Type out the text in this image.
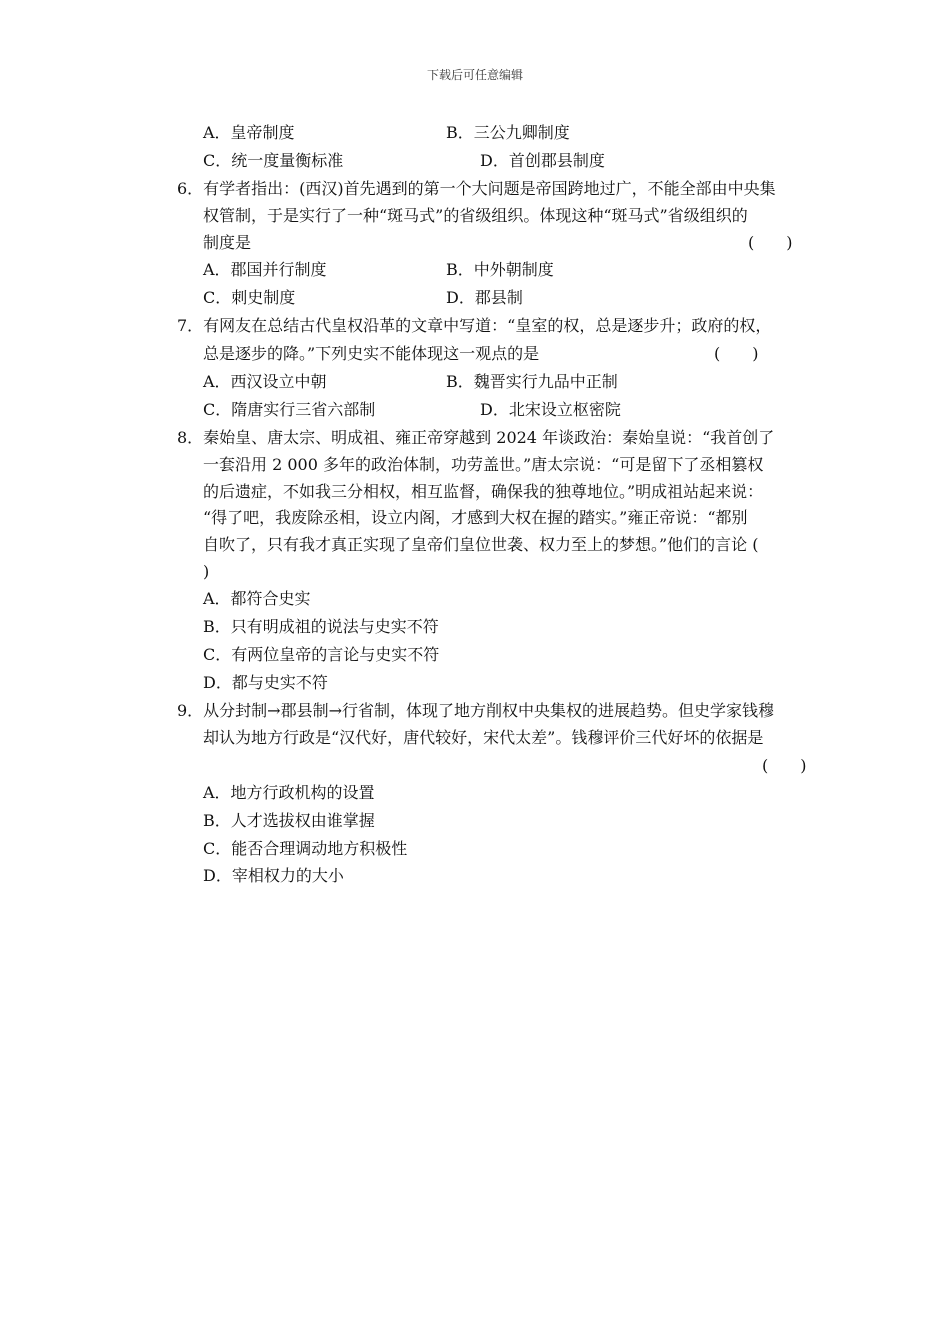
下载后可任意编辑
A．皇帝制度	B．三公九卿制度
C．统一度量衡标准	D．首创郡县制度
6．有学者指出：(西汉)首先遇到的第一个大问题是帝国跨地过广，不能全部由中央集
权管制，于是实行了一种“斑马式”的省级组织。体现这种“斑马式”省级组织的
制度是	(　　)
A．郡国并行制度	B．中外朝制度
C．刺史制度	D．郡县制
7．有网友在总结古代皇权沿革的文章中写道：“皇室的权，总是逐步升；政府的权，
总是逐步的降。”下列史实不能体现这一观点的是	(　　)
A．西汉设立中朝	B．魏晋实行九品中正制
C．隋唐实行三省六部制	D．北宋设立枢密院
8．秦始皇、唐太宗、明成祖、雍正帝穿越到 2024 年谈政治：秦始皇说：“我首创了
一套沿用 2 000 多年的政治体制，功劳盖世。”唐太宗说：“可是留下了丞相篡权
的后遗症，不如我三分相权，相互监督，确保我的独尊地位。”明成祖站起来说：
“得了吧，我废除丞相，设立内阁，才感到大权在握的踏实。”雍正帝说：“都别
自吹了，只有我才真正实现了皇帝们皇位世袭、权力至上的梦想。”他们的言论 (
)
A．都符合史实
B．只有明成祖的说法与史实不符
C．有两位皇帝的言论与史实不符
D．都与史实不符
9．从分封制→郡县制→行省制，体现了地方削权中央集权的进展趋势。但史学家钱穆
却认为地方行政是“汉代好，唐代较好，宋代太差”。钱穆评价三代好坏的依据是
(　　)
A．地方行政机构的设置
B．人才选拔权由谁掌握
C．能否合理调动地方积极性
D．宰相权力的大小
